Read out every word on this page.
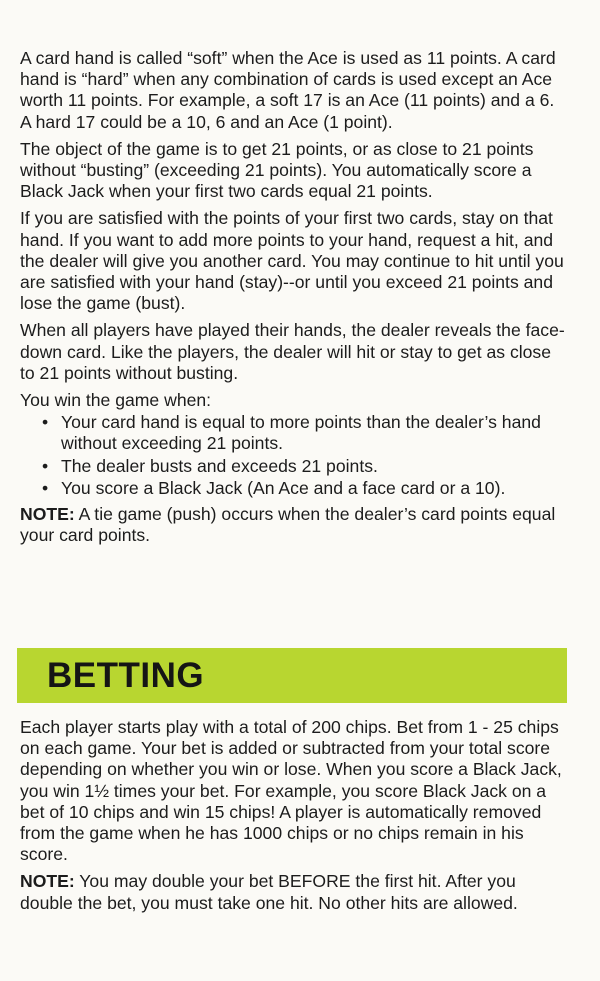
A card hand is called “soft” when the Ace is used as 11 points. A card hand is “hard” when any combination of cards is used except an Ace worth 11 points. For example, a soft 17 is an Ace (11 points) and a 6. A hard 17 could be a 10, 6 and an Ace (1 point).

The object of the game is to get 21 points, or as close to 21 points without “busting” (exceeding 21 points). You automatically score a Black Jack when your first two cards equal 21 points.

If you are satisfied with the points of your first two cards, stay on that hand. If you want to add more points to your hand, request a hit, and the dealer will give you another card. You may continue to hit until you are satisfied with your hand (stay)--or until you exceed 21 points and lose the game (bust).

When all players have played their hands, the dealer reveals the face-down card. Like the players, the dealer will hit or stay to get as close to 21 points without busting.

You win the game when:

• Your card hand is equal to more points than the dealer’s hand without exceeding 21 points.
• The dealer busts and exceeds 21 points.
• You score a Black Jack (An Ace and a face card or a 10).

NOTE: A tie game (push) occurs when the dealer’s card points equal your card points.

BETTING

Each player starts play with a total of 200 chips. Bet from 1 - 25 chips on each game. Your bet is added or subtracted from your total score depending on whether you win or lose. When you score a Black Jack, you win 1½ times your bet. For example, you score Black Jack on a bet of 10 chips and win 15 chips! A player is automatically removed from the game when he has 1000 chips or no chips remain in his score.

NOTE: You may double your bet BEFORE the first hit. After you double the bet, you must take one hit. No other hits are allowed.
